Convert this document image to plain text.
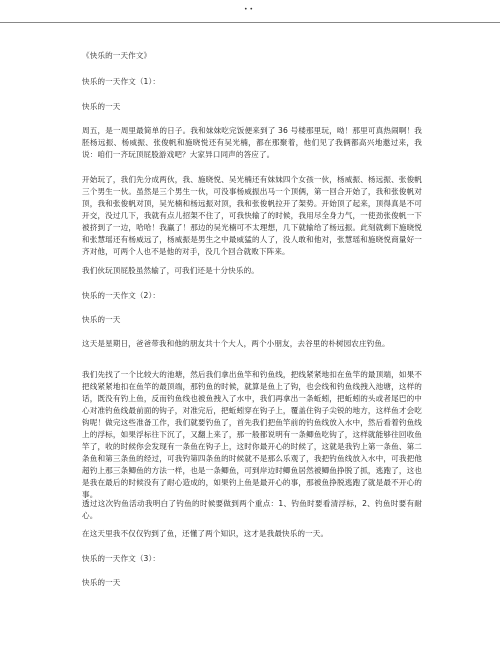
• •

《快乐的一天作文》

快乐的一天作文（1）：

快乐的一天

周五，是一周里最简单的日子。我和妹妹吃完饭便来到了 36 号楼那里玩，呦！那里可真热闹啊！我胚杨远振、杨威振、张俊帆和施晓悦还有吴光楠，都在那聚着，他们见了我俩都高兴地邀过来，我说：咱们一齐玩顶屁股游戏吧？大家异口同声的答应了。

开始玩了，我们先分成两伙，我、施晓悦、吴光楠还有妹妹四个女孩一伙，杨威振、杨远振、张俊帆三个男生一伙。虽然是三个男生一伙，可没事杨威振出马一个顶俩，第一回合开始了，我和张俊帆对顶，我和张俊帆对顶，吴光楠和杨远振对顶，我和张俊帆拉开了架势。开始顶了起来，顶得真是不可开交，没过几下，我就有点儿招架不住了，可我快输了的时候，我用尽全身力气，一使劲张俊帆一下被挤到了一边，哈哈！我赢了！那边的吴光楠可不太理想，几下就输给了杨远振。此刻就剩下施晓悦和张慧瑶还有杨威远了，杨威振是男生之中最威猛的人了，没人敢和他对，张慧瑶和施晓悦商量好一齐对他，可两个人也不是他的对手，没几个回合就败下阵来。

我们伙玩顶屁股虽然输了，可我们还是十分快乐的。

快乐的一天作文（2）：

快乐的一天

这天是星期日，爸爸带我和他的朋友共十个大人，两个小朋友，去谷里的朴树园农庄钓鱼。

我们先找了一个比较大的池塘，然后我们拿出鱼竿和钓鱼线，把线紧紧地扣在鱼竿的最顶端，如果不把线紧紧地扣在鱼竿的最顶端，那钓鱼的时候，就算是鱼上了钩，也会线和钓鱼线拽入池塘，这样的话，既没有钓上鱼，反而钓鱼线也被鱼拽入了水中，我们再拿出一条蚯蚓，把蚯蚓的头或者尾巴的中心对准钓鱼线最前面的钩子，对准完后，把蚯蚓穿在钩子上，覆盖住钩子尖锐的地方，这样鱼才会吃钩呢！做完这些准备工作，我们就要钓鱼了，首先我们把鱼竿前的钓鱼线放入水中，然后看着钓鱼线上的浮标，如果浮标往下沉了，又翻上来了，那一般都说明有一条鲫鱼吃钩了，这样就能够往回收鱼竿了，收的时候你会发现有一条鱼在钩子上，这时你最开心的时候了，这就是我钓上第一条鱼、第二条鱼和第三条鱼的经过，可我钓第四条鱼的时候就不是那么乐观了，我把钓鱼线放入水中，可我把他超钓上那三条鲫鱼的方法一样，也是一条鲫鱼，可到岸边时鲫鱼居然被鲫鱼挣脱了抓，逃跑了，这也是我在最后的时候没有了耐心造成的，如果钓上鱼是最开心的事，那被鱼挣脱逃跑了就是最不开心的事。

透过这次钓鱼活动我明白了钓鱼的时候要做到两个重点：1、钓鱼时要看清浮标，2、钓鱼时要有耐心。

在这天里我不仅仅钓到了鱼，还懂了两个知识，这才是我最快乐的一天。

快乐的一天作文（3）：

快乐的一天
